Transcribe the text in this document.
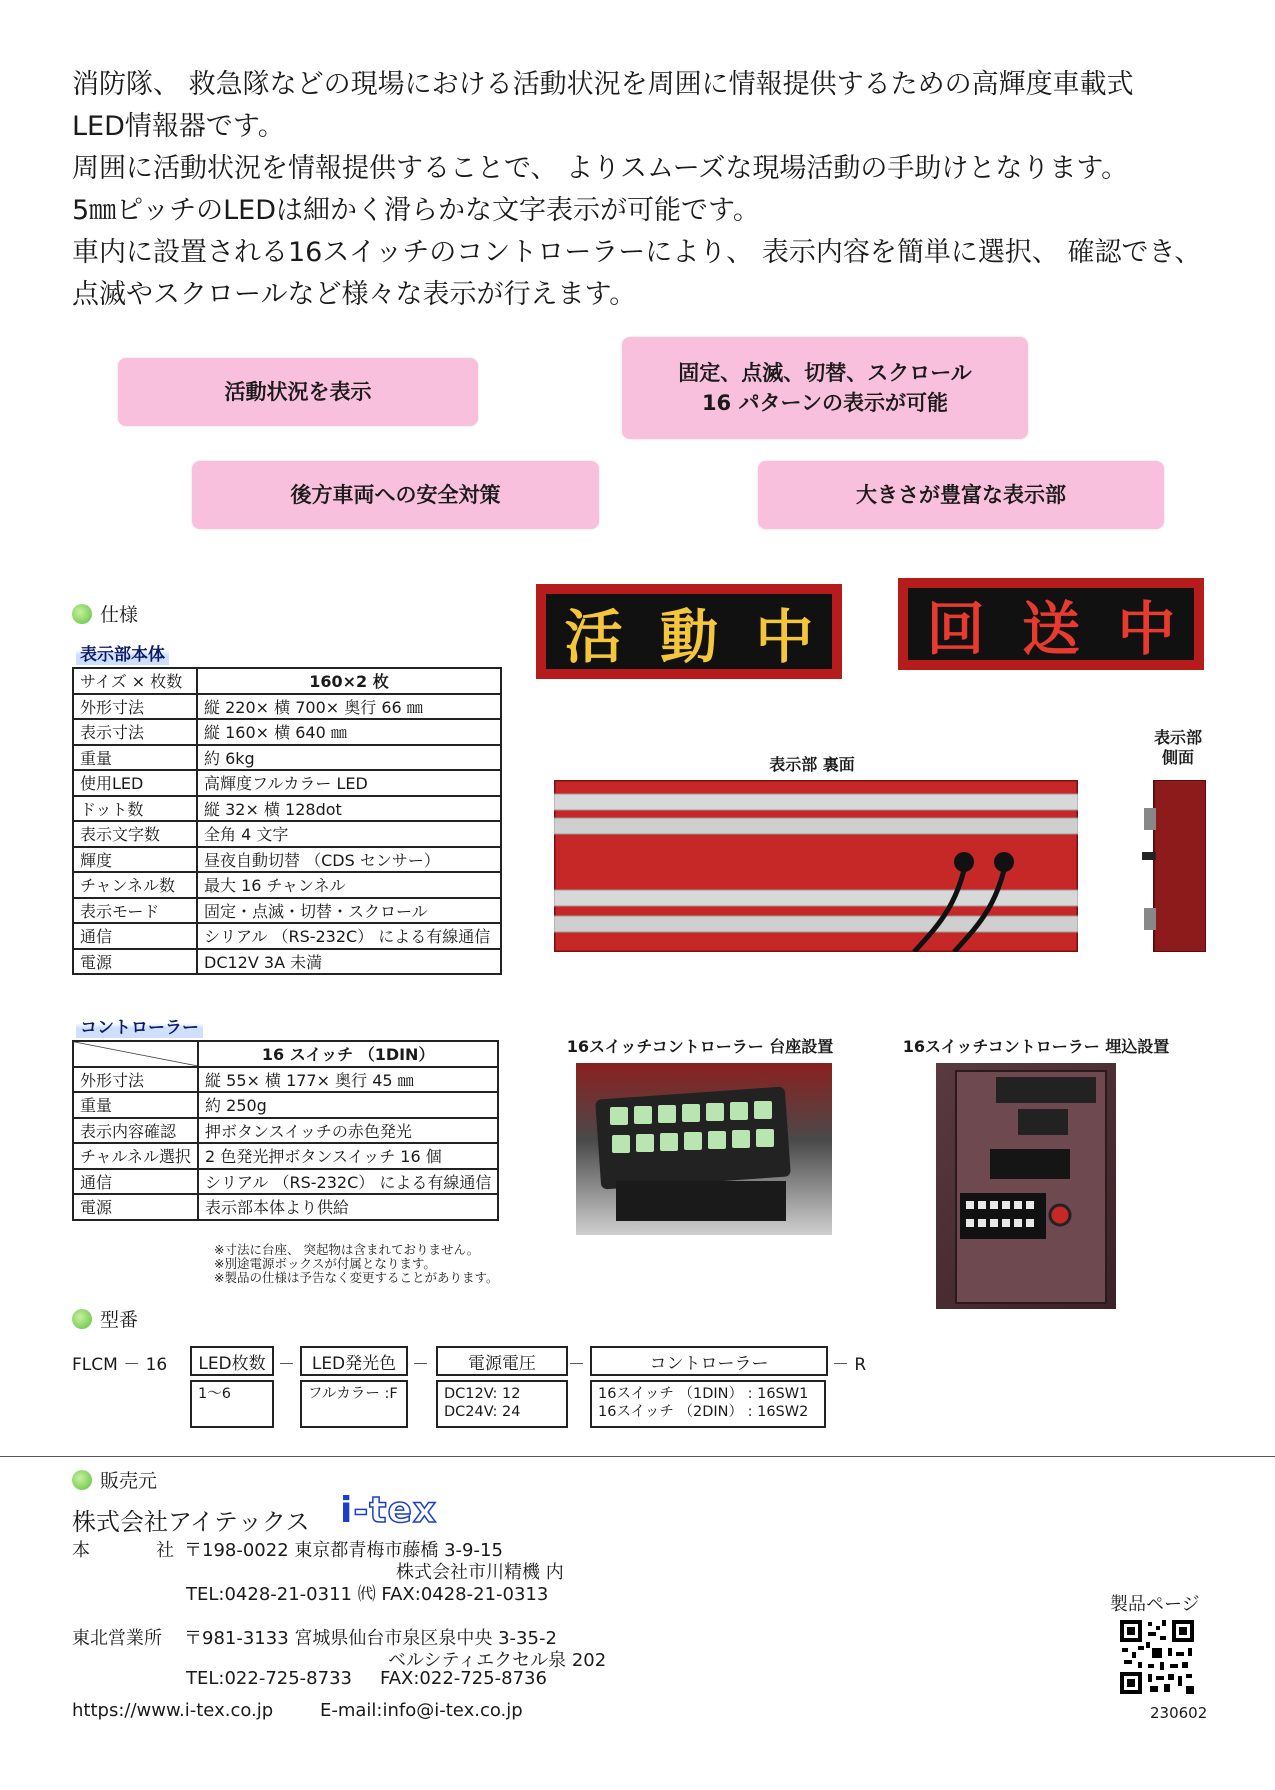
消防隊、 救急隊などの現場における活動状況を周囲に情報提供するための高輝度車載式

LED情報器です。

周囲に活動状況を情報提供することで、 よりスムーズな現場活動の手助けとなります。

5㎜ピッチのLEDは細かく滑らかな文字表示が可能です。

車内に設置される16スイッチのコントローラーにより、 表示内容を簡単に選択、 確認でき、

点滅やスクロールなど様々な表示が行えます。

活動状況を表示
固定、点滅、切替、スクロール
16 パターンの表示が可能
後方車両への安全対策	大きさが豊富な表示部
仕様
表示部本体
サイズ × 枚数	160×2 枚
外形寸法	縦 220× 横 700× 奥行 66 ㎜
表示寸法	縦 160× 横 640 ㎜
重量	約 6kg
使用LED	高輝度フルカラー LED
ドット数	縦 32× 横 128dot
表示文字数	全角 4 文字
輝度	昼夜自動切替 （CDS センサー）
チャンネル数	最大 16 チャンネル
表示モード	固定・点滅・切替・スクロール
通信	シリアル （RS-232C） による有線通信
電源	DC12V 3A 未満
コントローラー
	16 スイッチ （1DIN）
外形寸法	縦 55× 横 177× 奥行 45 ㎜
重量	約 250g
表示内容確認	押ボタンスイッチの赤色発光
チャルネル選択	2 色発光押ボタンスイッチ 16 個
通信	シリアル （RS-232C） による有線通信
電源	表示部本体より供給
※寸法に台座、 突起物は含まれておりません。
※別途電源ボックスが付属となります。
※製品の仕様は予告なく変更することがあります。
活 動 中 回 送 中
表示部 裏面
表示部
側面
16スイッチコントローラー 台座設置	16スイッチコントローラー 埋込設置
型番
FLCM － 16	LED枚数 － LED発光色 －	電源電圧	－	コントローラー	－ R
1～6	フルカラー :F	DC12V: 12
DC24V: 24
16スイッチ （1DIN） : 16SW1
16スイッチ （2DIN） : 16SW2
販売元
株式会社アイテックス i-tex
本	社 〒198-0022 東京都青梅市藤橋 3-9-15
株式会社市川精機 内
TEL:0428-21-0311 ㈹ FAX:0428-21-0313
東北営業所 〒981-3133 宮城県仙台市泉区泉中央 3-35-2
ベルシティエクセル泉 202
TEL:022-725-8733 FAX:022-725-8736
https://www.i-tex.co.jp	E-mail:info@i-tex.co.jp
製品ページ
230602
